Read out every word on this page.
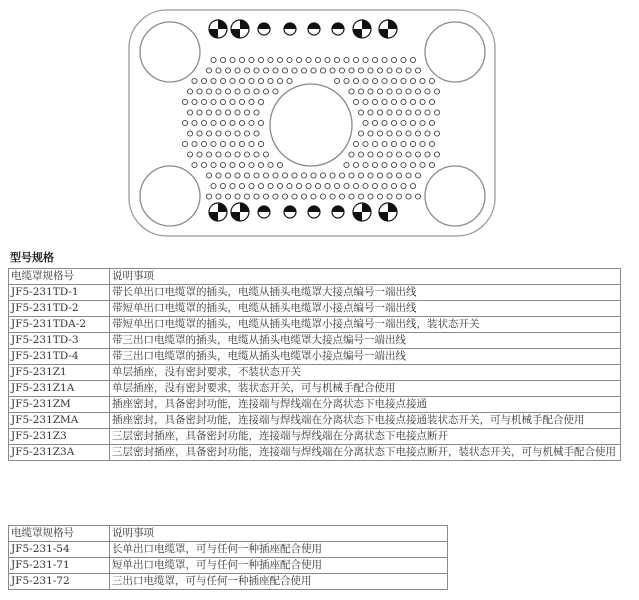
型号规格
电缆罩规格号	说明事项
JF5-231TD-1	带长单出口电缆罩的插头，电缆从插头电缆罩大接点编号一端出线
JF5-231TD-2	带短单出口电缆罩的插头，电缆从插头电缆罩小接点编号一端出线
JF5-231TDA-2	带短单出口电缆罩的插头，电缆从插头电缆罩小接点编号一端出线，装状态开关
JF5-231TD-3	带三出口电缆罩的插头，电缆从插头电缆罩大接点编号一端出线
JF5-231TD-4	带三出口电缆罩的插头，电缆从插头电缆罩小接点编号一端出线
JF5-231Z1	单层插座，没有密封要求，不装状态开关
JF5-231Z1A	单层插座，没有密封要求，装状态开关，可与机械手配合使用
JF5-231ZM	插座密封，具备密封功能，连接端与焊线端在分离状态下电接点接通
JF5-231ZMA	插座密封，具备密封功能，连接端与焊线端在分离状态下电接点接通装状态开关，可与机械手配合使用
JF5-231Z3	三层密封插座，具备密封功能，连接端与焊线端在分离状态下电接点断开
JF5-231Z3A	三层密封插座，具备密封功能，连接端与焊线端在分离状态下电接点断开，装状态开关，可与机械手配合使用
电缆罩规格号	说明事项
JF5-231-54	长单出口电缆罩，可与任何一种插座配合使用
JF5-231-71	短单出口电缆罩，可与任何一种插座配合使用
JF5-231-72	三出口电缆罩，可与任何一种插座配合使用
